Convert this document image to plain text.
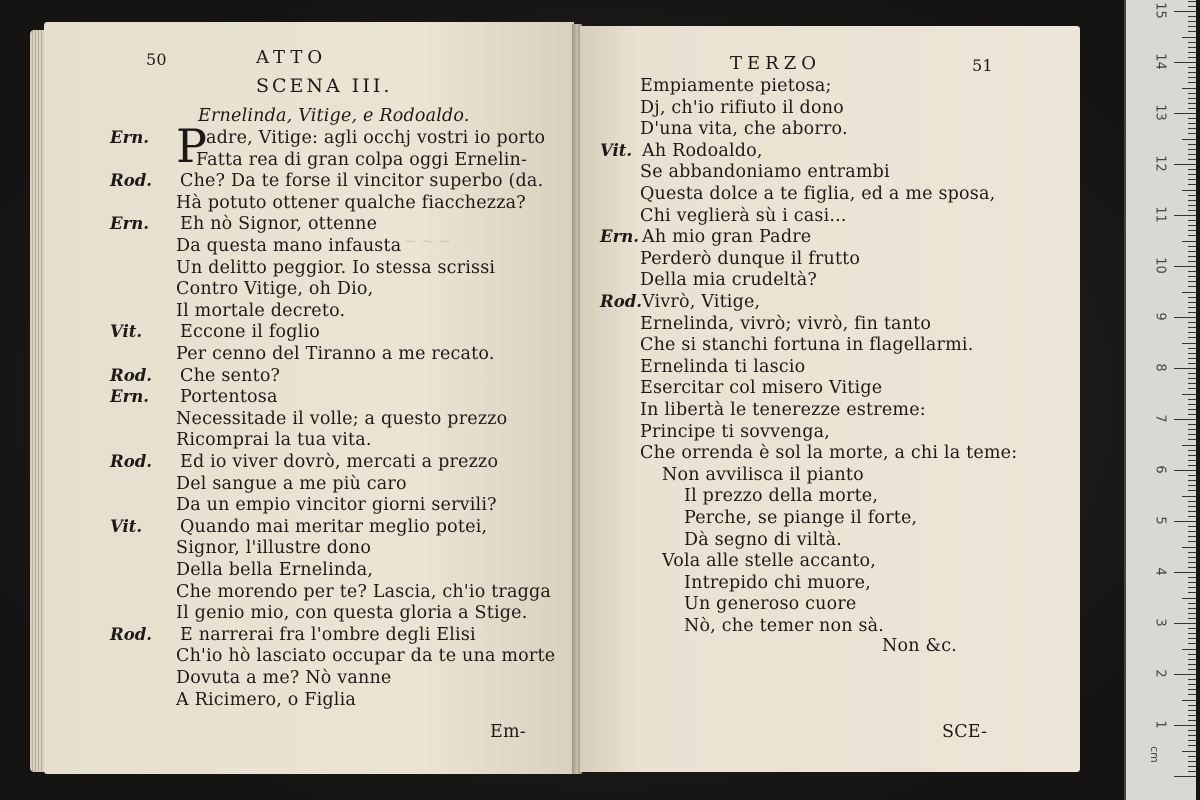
50	ATTO
SCENA III.
Ernelinda, Vitige, e Rodoaldo.
P
Ern.	adre, Vitige: agli occhj vostri io porto
Fatta rea di gran colpa oggi Ernelin-
Rod. Che? Da te forse il vincitor superbo (da.
Hà potuto ottener qualche fiacchezza?
Ern. Eh nò Signor, ottenne
Da questa mano infausta
Un delitto peggior. Io stessa scrissi
Contro Vitige, oh Dio,
Il mortale decreto.
Vit. Eccone il foglio
Per cenno del Tiranno a me recato.
Rod. Che sento?
Ern. Portentosa
Necessitade il volle; a questo prezzo
Ricomprai la tua vita.
Rod. Ed io viver dovrò, mercati a prezzo
Del sangue a me più caro
Da un empio vincitor giorni servili?
Vit. Quando mai meritar meglio potei,
Signor, l'illustre dono
Della bella Ernelinda,
Che morendo per te? Lascia, ch'io tragga
Il genio mio, con questa gloria a Stige.
Rod. E narrerai fra l'ombre degli Elisi
Ch'io hò lasciato occupar da te una morte
Dovuta a me? Nò vanne
A Ricimero, o Figlia
Em-
~ ~ ~
TERZO	51
Empiamente pietosa;
Dj, ch'io rifiuto il dono
D'una vita, che aborro.
Vit. Ah Rodoaldo,
Se abbandoniamo entrambi
Questa dolce a te figlia, ed a me sposa,
Chi veglierà sù i casi...
Ern. Ah mio gran Padre
Perderò dunque il frutto
Della mia crudeltà?
Rod. Vivrò, Vitige,
Ernelinda, vivrò; vivrò, fin tanto
Che si stanchi fortuna in flagellarmi.
Ernelinda ti lascio
Esercitar col misero Vitige
In libertà le tenerezze estreme:
Principe ti sovvenga,
Che orrenda è sol la morte, a chi la teme:
Non avvilisca il pianto
Il prezzo della morte,
Perche, se piange il forte,
Dà segno di viltà.
Vola alle stelle accanto,
Intrepido chi muore,
Un generoso cuore
Nò, che temer non sà.
Non &c.
SCE-	1
2
3
4
5
6
7
8
9
10
11
12
13
14
15
cm
